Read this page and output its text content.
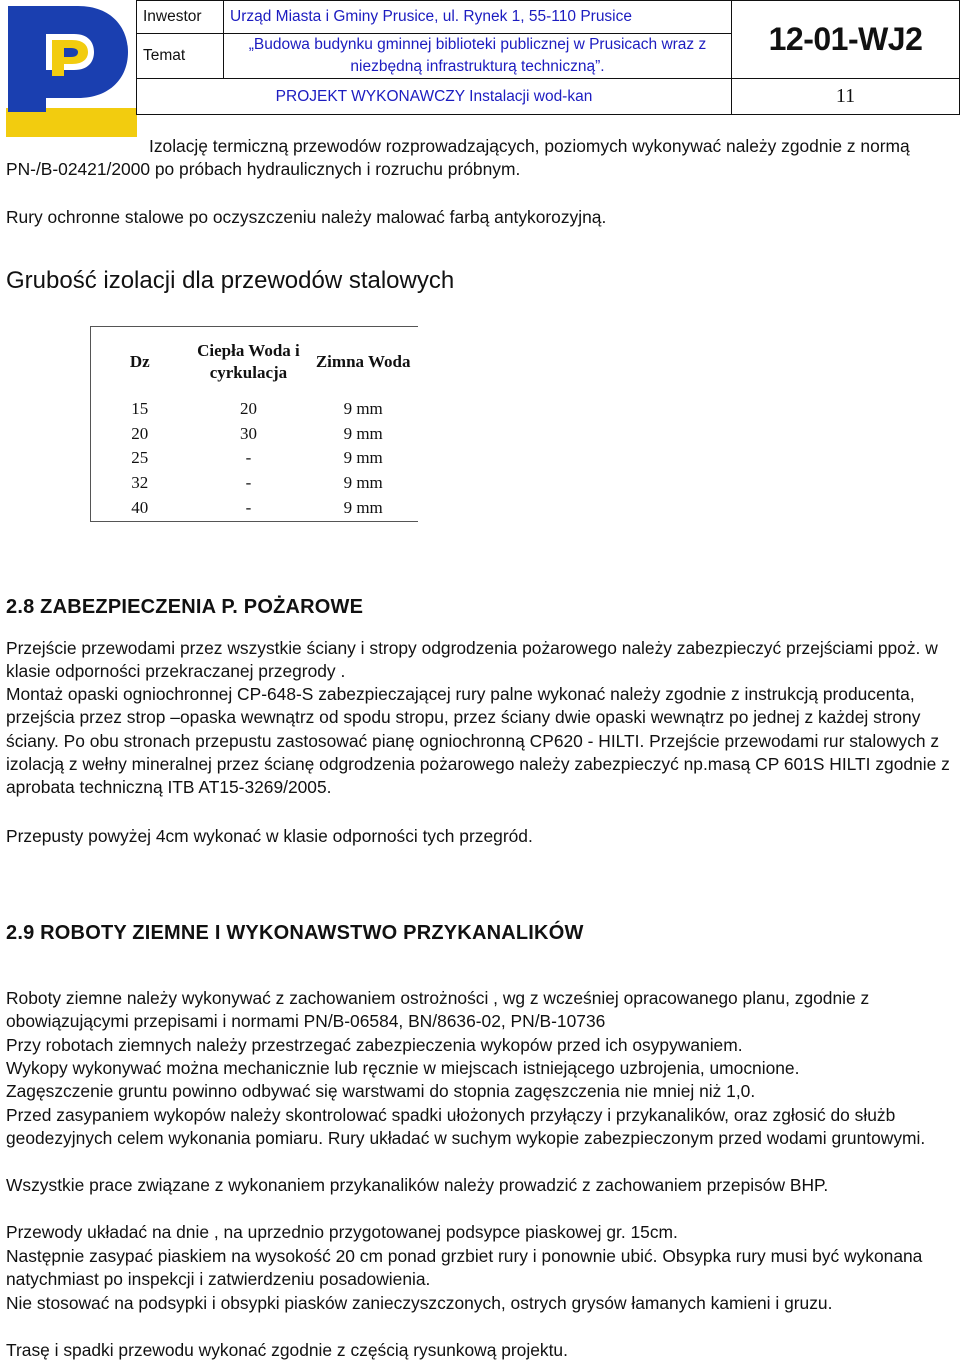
Inwestor	Urząd Miasta i Gminy Prusice, ul. Rynek 1, 55-110 Prusice	12-01-WJ2
Temat	„Budowa budynku gminnej biblioteki publicznej w Prusicach wraz z niezbędną infrastrukturą techniczną”.	
PROJEKT WYKONAWCZY Instalacji wod-kan		11
Izolację termiczną przewodów rozprowadzających, poziomych wykonywać należy zgodnie z normą PN-/B-02421/2000 po próbach hydraulicznych i rozruchu próbnym.
Rury ochronne stalowe po oczyszczeniu należy malować farbą antykorozyjną.
Grubość izolacji dla przewodów stalowych
Dz	Ciepła Woda i cyrkulacja	Zimna Woda
15	20	9 mm
20	30	9 mm
25	-	9 mm
32	-	9 mm
40	-	9 mm
2.8 ZABEZPIECZENIA P. POŻAROWE
Przejście przewodami przez wszystkie ściany i stropy odgrodzenia pożarowego należy zabezpieczyć przejściami ppoż. w klasie odporności przekraczanej przegrody .
Montaż opaski ogniochronnej CP-648-S zabezpieczającej rury palne wykonać należy zgodnie z instrukcją producenta, przejścia przez strop –opaska wewnątrz od spodu stropu, przez ściany dwie opaski wewnątrz po jednej z każdej strony ściany. Po obu stronach przepustu zastosować pianę ogniochronną CP620 - HILTI. Przejście przewodami rur stalowych z izolacją z wełny mineralnej przez ścianę odgrodzenia pożarowego należy zabezpieczyć np.masą CP 601S HILTI zgodnie z aprobata techniczną ITB AT15-3269/2005.
Przepusty powyżej 4cm wykonać w klasie odporności tych przegród.
2.9 ROBOTY ZIEMNE I WYKONAWSTWO PRZYKANALIKÓW
Roboty ziemne należy wykonywać z zachowaniem ostrożności , wg z wcześniej opracowanego planu, zgodnie z obowiązującymi przepisami i normami PN/B-06584, BN/8636-02, PN/B-10736
Przy robotach ziemnych należy przestrzegać zabezpieczenia wykopów przed ich osypywaniem.
Wykopy wykonywać można mechanicznie lub ręcznie w miejscach istniejącego uzbrojenia, umocnione.
Zagęszczenie gruntu powinno odbywać się warstwami do stopnia zagęszczenia nie mniej niż 1,0.
Przed zasypaniem wykopów należy skontrolować spadki ułożonych przyłączy i przykanalików, oraz zgłosić do służb geodezyjnych celem wykonania pomiaru. Rury układać w suchym wykopie zabezpieczonym przed wodami gruntowymi.
Wszystkie prace związane z wykonaniem przykanalików należy prowadzić z zachowaniem przepisów BHP.
Przewody układać na dnie , na uprzednio przygotowanej podsypce piaskowej gr. 15cm.
Następnie zasypać piaskiem na wysokość 20 cm ponad grzbiet rury i ponownie ubić. Obsypka rury musi być wykonana natychmiast po inspekcji i zatwierdzeniu posadowienia.
Nie stosować na podsypki i obsypki piasków zanieczyszczonych, ostrych grysów łamanych kamieni i gruzu.
Trasę i spadki przewodu wykonać zgodnie z częścią rysunkową projektu.
